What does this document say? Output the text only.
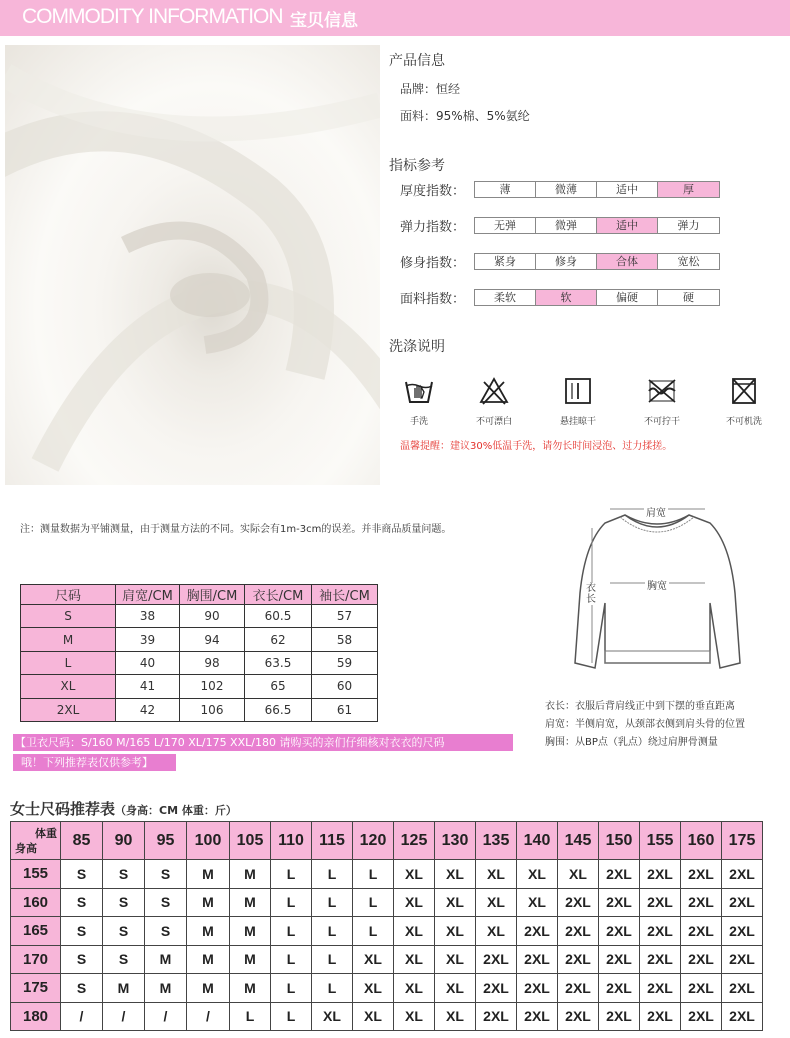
COMMODITY INFORMATION 宝贝信息
产品信息
品牌：恒经
面料：95%棉、5%氨纶
指标参考
厚度指数：	薄	微薄	适中	厚
弹力指数：	无弹	微弹	适中	弹力
修身指数：	紧身	修身	合体	宽松
面料指数：	柔软	软	偏硬	硬
洗涤说明
手洗	不可漂白	悬挂晾干	不可拧干	不可机洗
温馨提醒：建议30%低温手洗，请勿长时间浸泡、过力揉搓。
注：测量数据为平铺测量，由于测量方法的不同。实际会有1m-3cm的误差。并非商品质量问题。
尺码	肩宽/CM	胸围/CM	衣长/CM	袖长/CM
S	38	90	60.5	57
M	39	94	62	58
L	40	98	63.5	59
XL	41	102	65	60
2XL	42	106	66.5	61
【卫衣尺码：S/160 M/165 L/170 XL/175 XXL/180 请购买的亲们仔细核对衣衣的尺码
哦！下列推荐表仅供参考】
肩宽
胸宽
衣长
衣长：衣服后背肩线正中到下摆的垂直距离
肩宽：半侧肩宽，从颈部衣侧到肩头骨的位置
胸围：从BP点（乳点）绕过肩胛骨测量
女士尺码推荐表（身高：CM 体重：斤）
体重
身高	85	90	95	100	105	110	115	120	125	130	135	140	145	150	155	160	175
155	S	S	S	M	M	L	L	L	XL	XL	XL	XL	XL	2XL	2XL	2XL	2XL
160	S	S	S	M	M	L	L	L	XL	XL	XL	XL	2XL	2XL	2XL	2XL	2XL
165	S	S	S	M	M	L	L	L	XL	XL	XL	2XL	2XL	2XL	2XL	2XL	2XL
170	S	S	M	M	M	L	L	XL	XL	XL	2XL	2XL	2XL	2XL	2XL	2XL	2XL
175	S	M	M	M	M	L	L	XL	XL	XL	2XL	2XL	2XL	2XL	2XL	2XL	2XL
180	/	/	/	/	L	L	XL	XL	XL	XL	2XL	2XL	2XL	2XL	2XL	2XL	2XL
